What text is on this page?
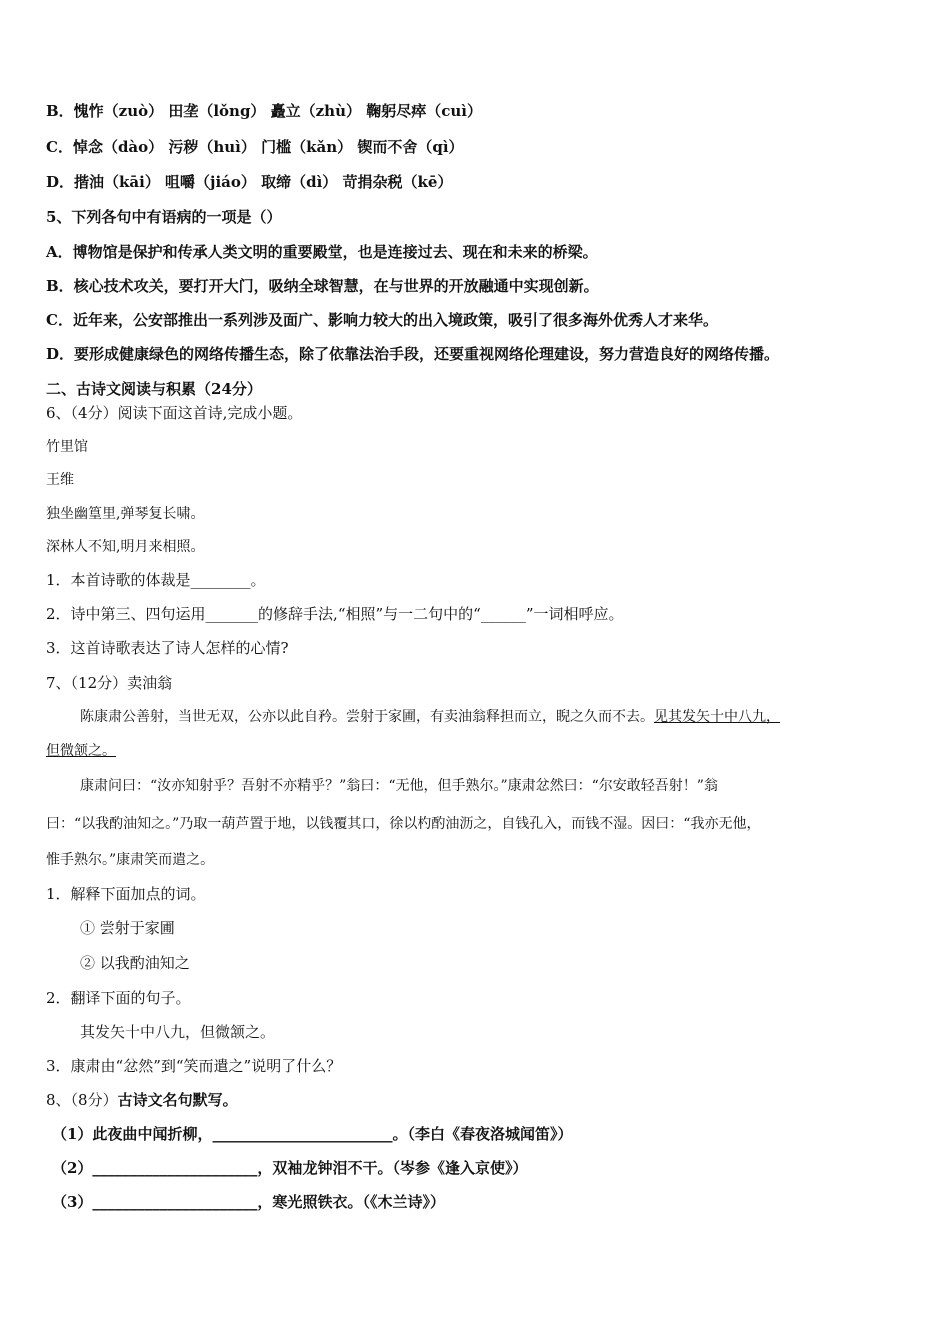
B．愧怍（zuò） 田垄（lǒng） 矗立（zhù） 鞠躬尽瘁（cuì）
C．悼念（dào） 污秽（huì） 门槛（kǎn） 锲而不舍（qì）
D．揩油（kāi） 咀嚼（jiáo） 取缔（dì） 苛捐杂税（kē）
5、下列各句中有语病的一项是（）
A．博物馆是保护和传承人类文明的重要殿堂，也是连接过去、现在和未来的桥梁。
B．核心技术攻关，要打开大门，吸纳全球智慧，在与世界的开放融通中实现创新。
C．近年来，公安部推出一系列涉及面广、影响力较大的出入境政策，吸引了很多海外优秀人才来华。
D．要形成健康绿色的网络传播生态，除了依靠法治手段，还要重视网络伦理建设，努力营造良好的网络传播。
二、古诗文阅读与积累（24分）
6、（4分）阅读下面这首诗,完成小题。
竹里馆
王维
独坐幽篁里,弹琴复长啸。
深林人不知,明月来相照。
1．本首诗歌的体裁是________。
2．诗中第三、四句运用_______的修辞手法,“相照”与一二句中的“______”一词相呼应。
3．这首诗歌表达了诗人怎样的心情?
7、（12分）卖油翁
陈康肃公善射，当世无双，公亦以此自矜。尝射于家圃，有卖油翁释担而立，睨之久而不去。见其发矢十中八九，
但微颔之。
康肃问曰：“汝亦知射乎？吾射不亦精乎？”翁曰：“无他，但手熟尔。”康肃忿然曰：“尔安敢轻吾射！”翁
曰：“以我酌油知之。”乃取一葫芦置于地，以钱覆其口，徐以杓酌油沥之，自钱孔入，而钱不湿。因曰：“我亦无他，
惟手熟尔。”康肃笑而遣之。
1．解释下面加点的词。
① 尝射于家圃
② 以我酌油知之
2．翻译下面的句子。
其发矢十中八九，但微颔之。
3．康肃由“忿然”到“笑而遣之”说明了什么？
8、（8分）古诗文名句默写。
（1）此夜曲中闻折柳，________________________。（李白《春夜洛城闻笛》）
（2）______________________，双袖龙钟泪不干。（岑参《逢入京使》）
（3）______________________，寒光照铁衣。（《木兰诗》）
